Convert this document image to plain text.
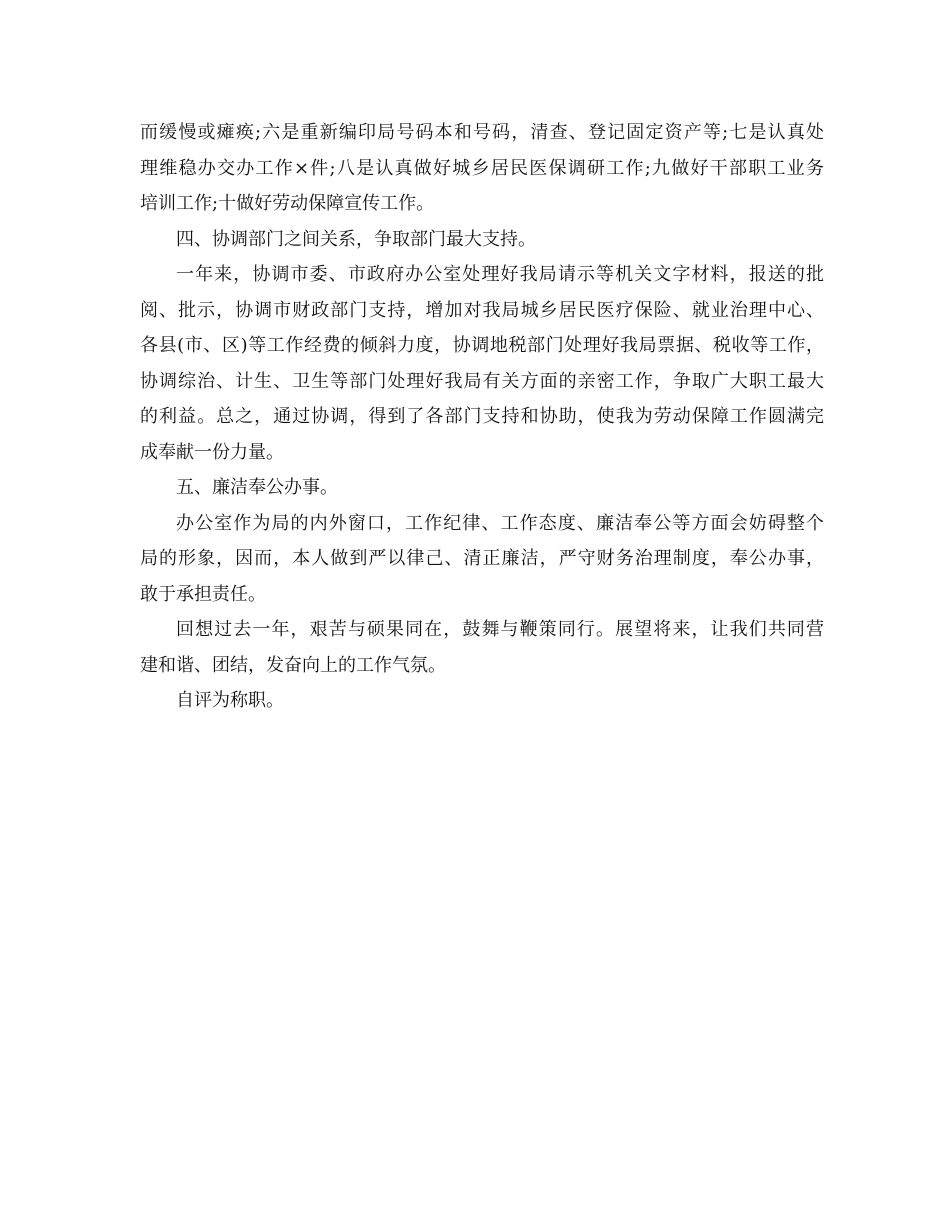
而缓慢或瘫痪;六是重新编印局号码本和号码，清查、登记固定资产等;七是认真处
理维稳办交办工作×件;八是认真做好城乡居民医保调研工作;九做好干部职工业务
培训工作;十做好劳动保障宣传工作。
四、协调部门之间关系，争取部门最大支持。
一年来，协调市委、市政府办公室处理好我局请示等机关文字材料，报送的批
阅、批示，协调市财政部门支持，增加对我局城乡居民医疗保险、就业治理中心、
各县(市、区)等工作经费的倾斜力度，协调地税部门处理好我局票据、税收等工作，
协调综治、计生、卫生等部门处理好我局有关方面的亲密工作，争取广大职工最大
的利益。总之，通过协调，得到了各部门支持和协助，使我为劳动保障工作圆满完
成奉献一份力量。
五、廉洁奉公办事。
办公室作为局的内外窗口，工作纪律、工作态度、廉洁奉公等方面会妨碍整个
局的形象，因而，本人做到严以律己、清正廉洁，严守财务治理制度，奉公办事，
敢于承担责任。
回想过去一年，艰苦与硕果同在，鼓舞与鞭策同行。展望将来，让我们共同营
建和谐、团结，发奋向上的工作气氛。
自评为称职。
